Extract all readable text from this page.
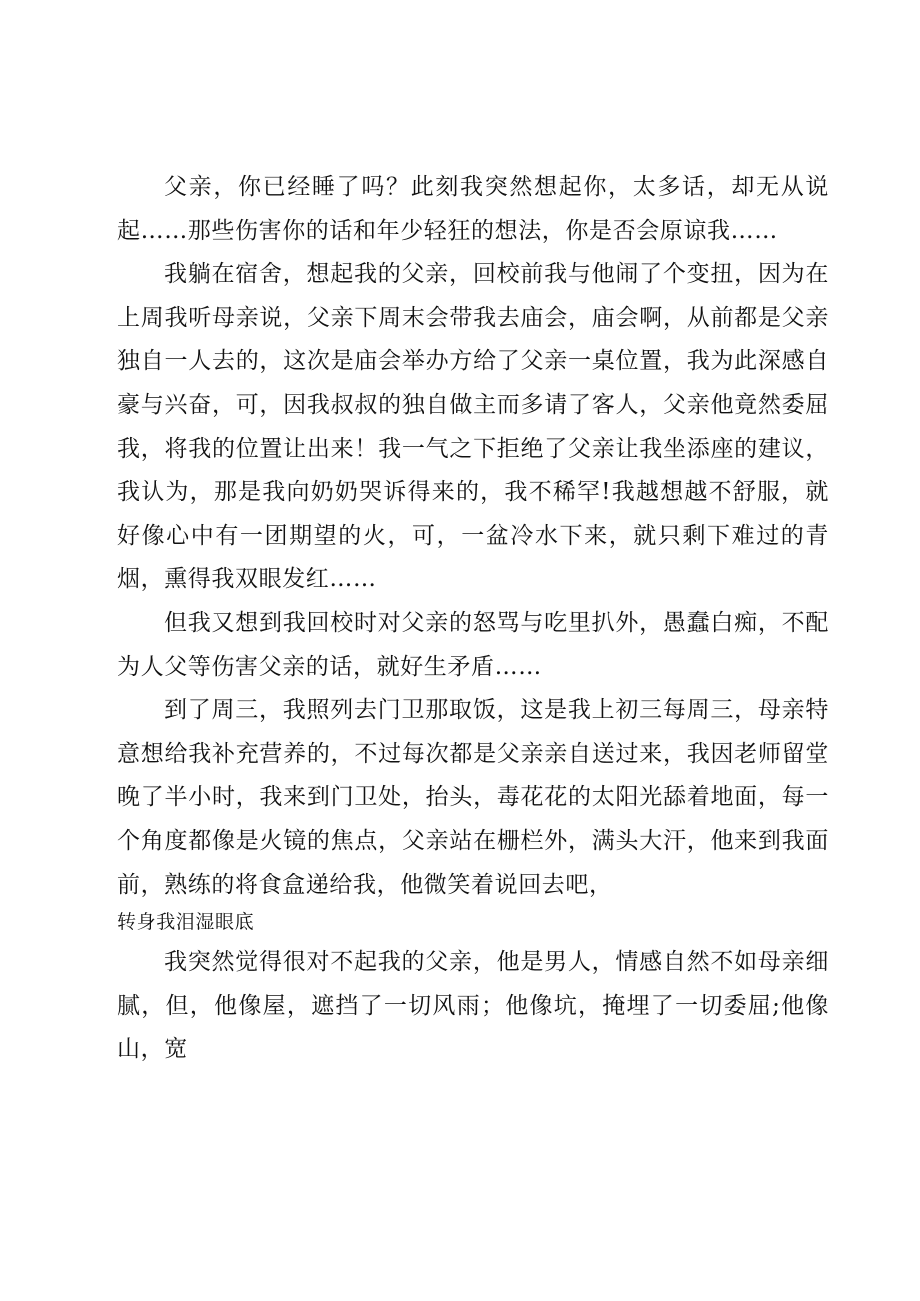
父亲，你已经睡了吗？此刻我突然想起你，太多话，却无从说起……那些伤害你的话和年少轻狂的想法，你是否会原谅我……

我躺在宿舍，想起我的父亲，回校前我与他闹了个变扭，因为在上周我听母亲说，父亲下周末会带我去庙会，庙会啊，从前都是父亲独自一人去的，这次是庙会举办方给了父亲一桌位置，我为此深感自豪与兴奋，可，因我叔叔的独自做主而多请了客人，父亲他竟然委屈我，将我的位置让出来！我一气之下拒绝了父亲让我坐添座的建议，我认为，那是我向奶奶哭诉得来的，我不稀罕!我越想越不舒服，就好像心中有一团期望的火，可，一盆冷水下来，就只剩下难过的青烟，熏得我双眼发红……

但我又想到我回校时对父亲的怒骂与吃里扒外，愚蠢白痴，不配为人父等伤害父亲的话，就好生矛盾……

到了周三，我照列去门卫那取饭，这是我上初三每周三，母亲特意想给我补充营养的，不过每次都是父亲亲自送过来，我因老师留堂晚了半小时，我来到门卫处，抬头，毒花花的太阳光舔着地面，每一个角度都像是火镜的焦点，父亲站在栅栏外，满头大汗，他来到我面前，熟练的将食盒递给我，他微笑着说回去吧，

转身我泪湿眼底

我突然觉得很对不起我的父亲，他是男人，情感自然不如母亲细腻，但，他像屋，遮挡了一切风雨；他像坑，掩埋了一切委屈;他像山，宽
